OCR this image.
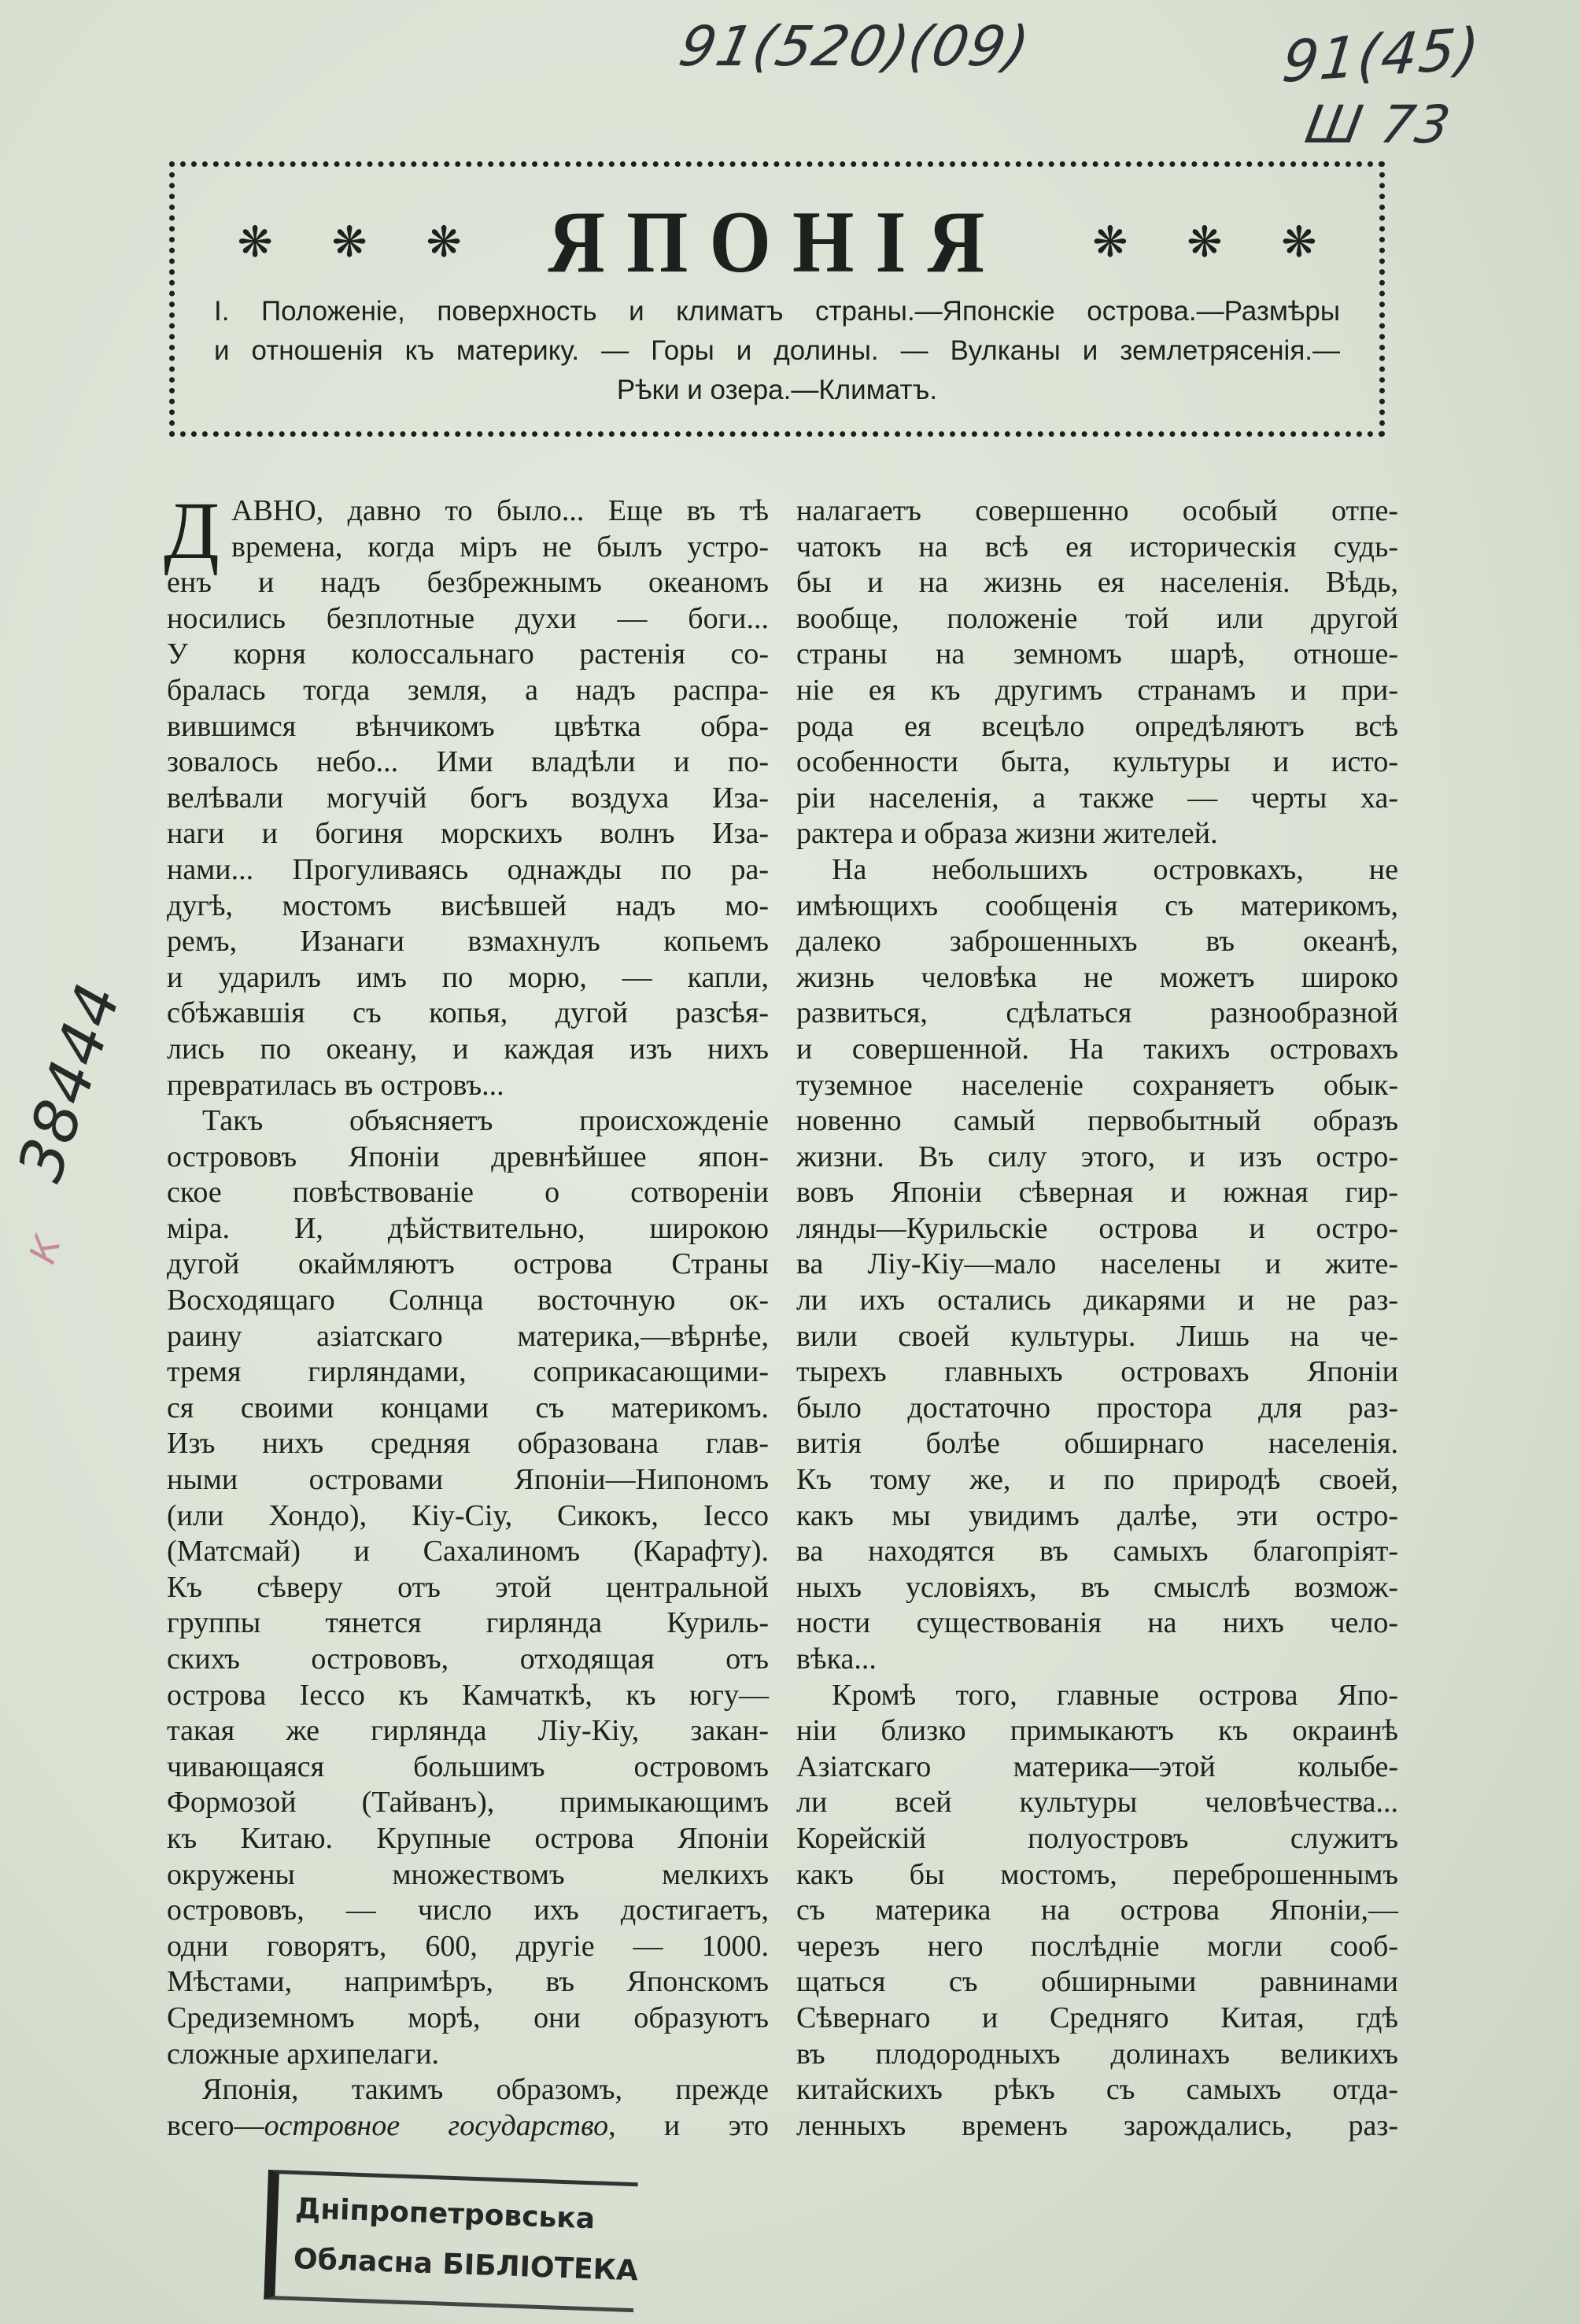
91(520)(09)	91(45)
Ш 73
38444
К
❋	❋	❋ ЯПОНІЯ	❋	❋	❋
I. Положеніе, поверхность и климатъ страны.—Японскіе острова.—Размѣры
и отношенія къ материку. — Горы и долины. — Вулканы и землетрясенія.—
Рѣки и озера.—Климатъ.
Д АВНО, давно то было... Еще въ тѣ
времена, когда міръ не былъ устро-
енъ и надъ безбрежнымъ океаномъ
носились безплотные духи — боги...
У корня колоссальнаго растенія со-
бралась тогда земля, а надъ распра-
вившимся вѣнчикомъ цвѣтка обра-
зовалось небо... Ими владѣли и по-
велѣвали могучій богъ воздуха Иза-
наги и богиня морскихъ волнъ Иза-
нами... Прогуливаясь однажды по ра-
дугѣ, мостомъ висѣвшей надъ мо-
ремъ, Изанаги взмахнулъ копьемъ
и ударилъ имъ по морю, — капли,
сбѣжавшія съ копья, дугой разсѣя-
лись по океану, и каждая изъ нихъ
превратилась въ островъ...
Такъ объясняетъ происхожденіе
острововъ Японіи древнѣйшее япон-
ское повѣствованіе о сотвореніи
міра. И, дѣйствительно, широкою
дугой окаймляютъ острова Страны
Восходящаго Солнца восточную ок-
раину азіатскаго материка,—вѣрнѣе,
тремя гирляндами, соприкасающими-
ся своими концами съ материкомъ.
Изъ нихъ средняя образована глав-
ными островами Японіи—Нипономъ
(или Хондо), Кіу-Сіу, Сикокъ, Іессо
(Матсмай) и Сахалиномъ (Карафту).
Къ сѣверу отъ этой центральной
группы тянется гирлянда Куриль-
скихъ острововъ, отходящая отъ
острова Іессо къ Камчаткѣ, къ югу—
такая же гирлянда Ліу-Кіу, закан-
чивающаяся большимъ островомъ
Формозой (Тайванъ), примыкающимъ
къ Китаю. Крупные острова Японіи
окружены множествомъ мелкихъ
острововъ, — число ихъ достигаетъ,
одни говорятъ, 600, другіе — 1000.
Мѣстами, напримѣръ, въ Японскомъ
Средиземномъ морѣ, они образуютъ
сложные архипелаги.
Японія, такимъ образомъ, прежде
всего—островное государство, и это
налагаетъ совершенно особый отпе-
чатокъ на всѣ ея историческія судь-
бы и на жизнь ея населенія. Вѣдь,
вообще, положеніе той или другой
страны на земномъ шарѣ, отноше-
ніе ея къ другимъ странамъ и при-
рода ея всецѣло опредѣляютъ всѣ
особенности быта, культуры и исто-
ріи населенія, а также — черты ха-
рактера и образа жизни жителей.
На небольшихъ островкахъ, не
имѣющихъ сообщенія съ материкомъ,
далеко заброшенныхъ въ океанѣ,
жизнь человѣка не можетъ широко
развиться, сдѣлаться разнообразной
и совершенной. На такихъ островахъ
туземное населеніе сохраняетъ обык-
новенно самый первобытный образъ
жизни. Въ силу этого, и изъ остро-
вовъ Японіи сѣверная и южная гир-
лянды—Курильскіе острова и остро-
ва Ліу-Кіу—мало населены и жите-
ли ихъ остались дикарями и не раз-
вили своей культуры. Лишь на че-
тырехъ главныхъ островахъ Японіи
было достаточно простора для раз-
витія болѣе обширнаго населенія.
Къ тому же, и по природѣ своей,
какъ мы увидимъ далѣе, эти остро-
ва находятся въ самыхъ благопріят-
ныхъ условіяхъ, въ смыслѣ возмож-
ности существованія на нихъ чело-
вѣка...
Кромѣ того, главные острова Япо-
ніи близко примыкаютъ къ окраинѣ
Азіатскаго материка—этой колыбе-
ли всей культуры человѣчества...
Корейскій полуостровъ служитъ
какъ бы мостомъ, переброшеннымъ
съ материка на острова Японіи,—
черезъ него послѣдніе могли сооб-
щаться съ обширными равнинами
Сѣвернаго и Средняго Китая, гдѣ
въ плодородныхъ долинахъ великихъ
китайскихъ рѣкъ съ самыхъ отда-
ленныхъ временъ зарождались, раз-
Дніпропетровська
Обласна БІБЛІОТЕКА
